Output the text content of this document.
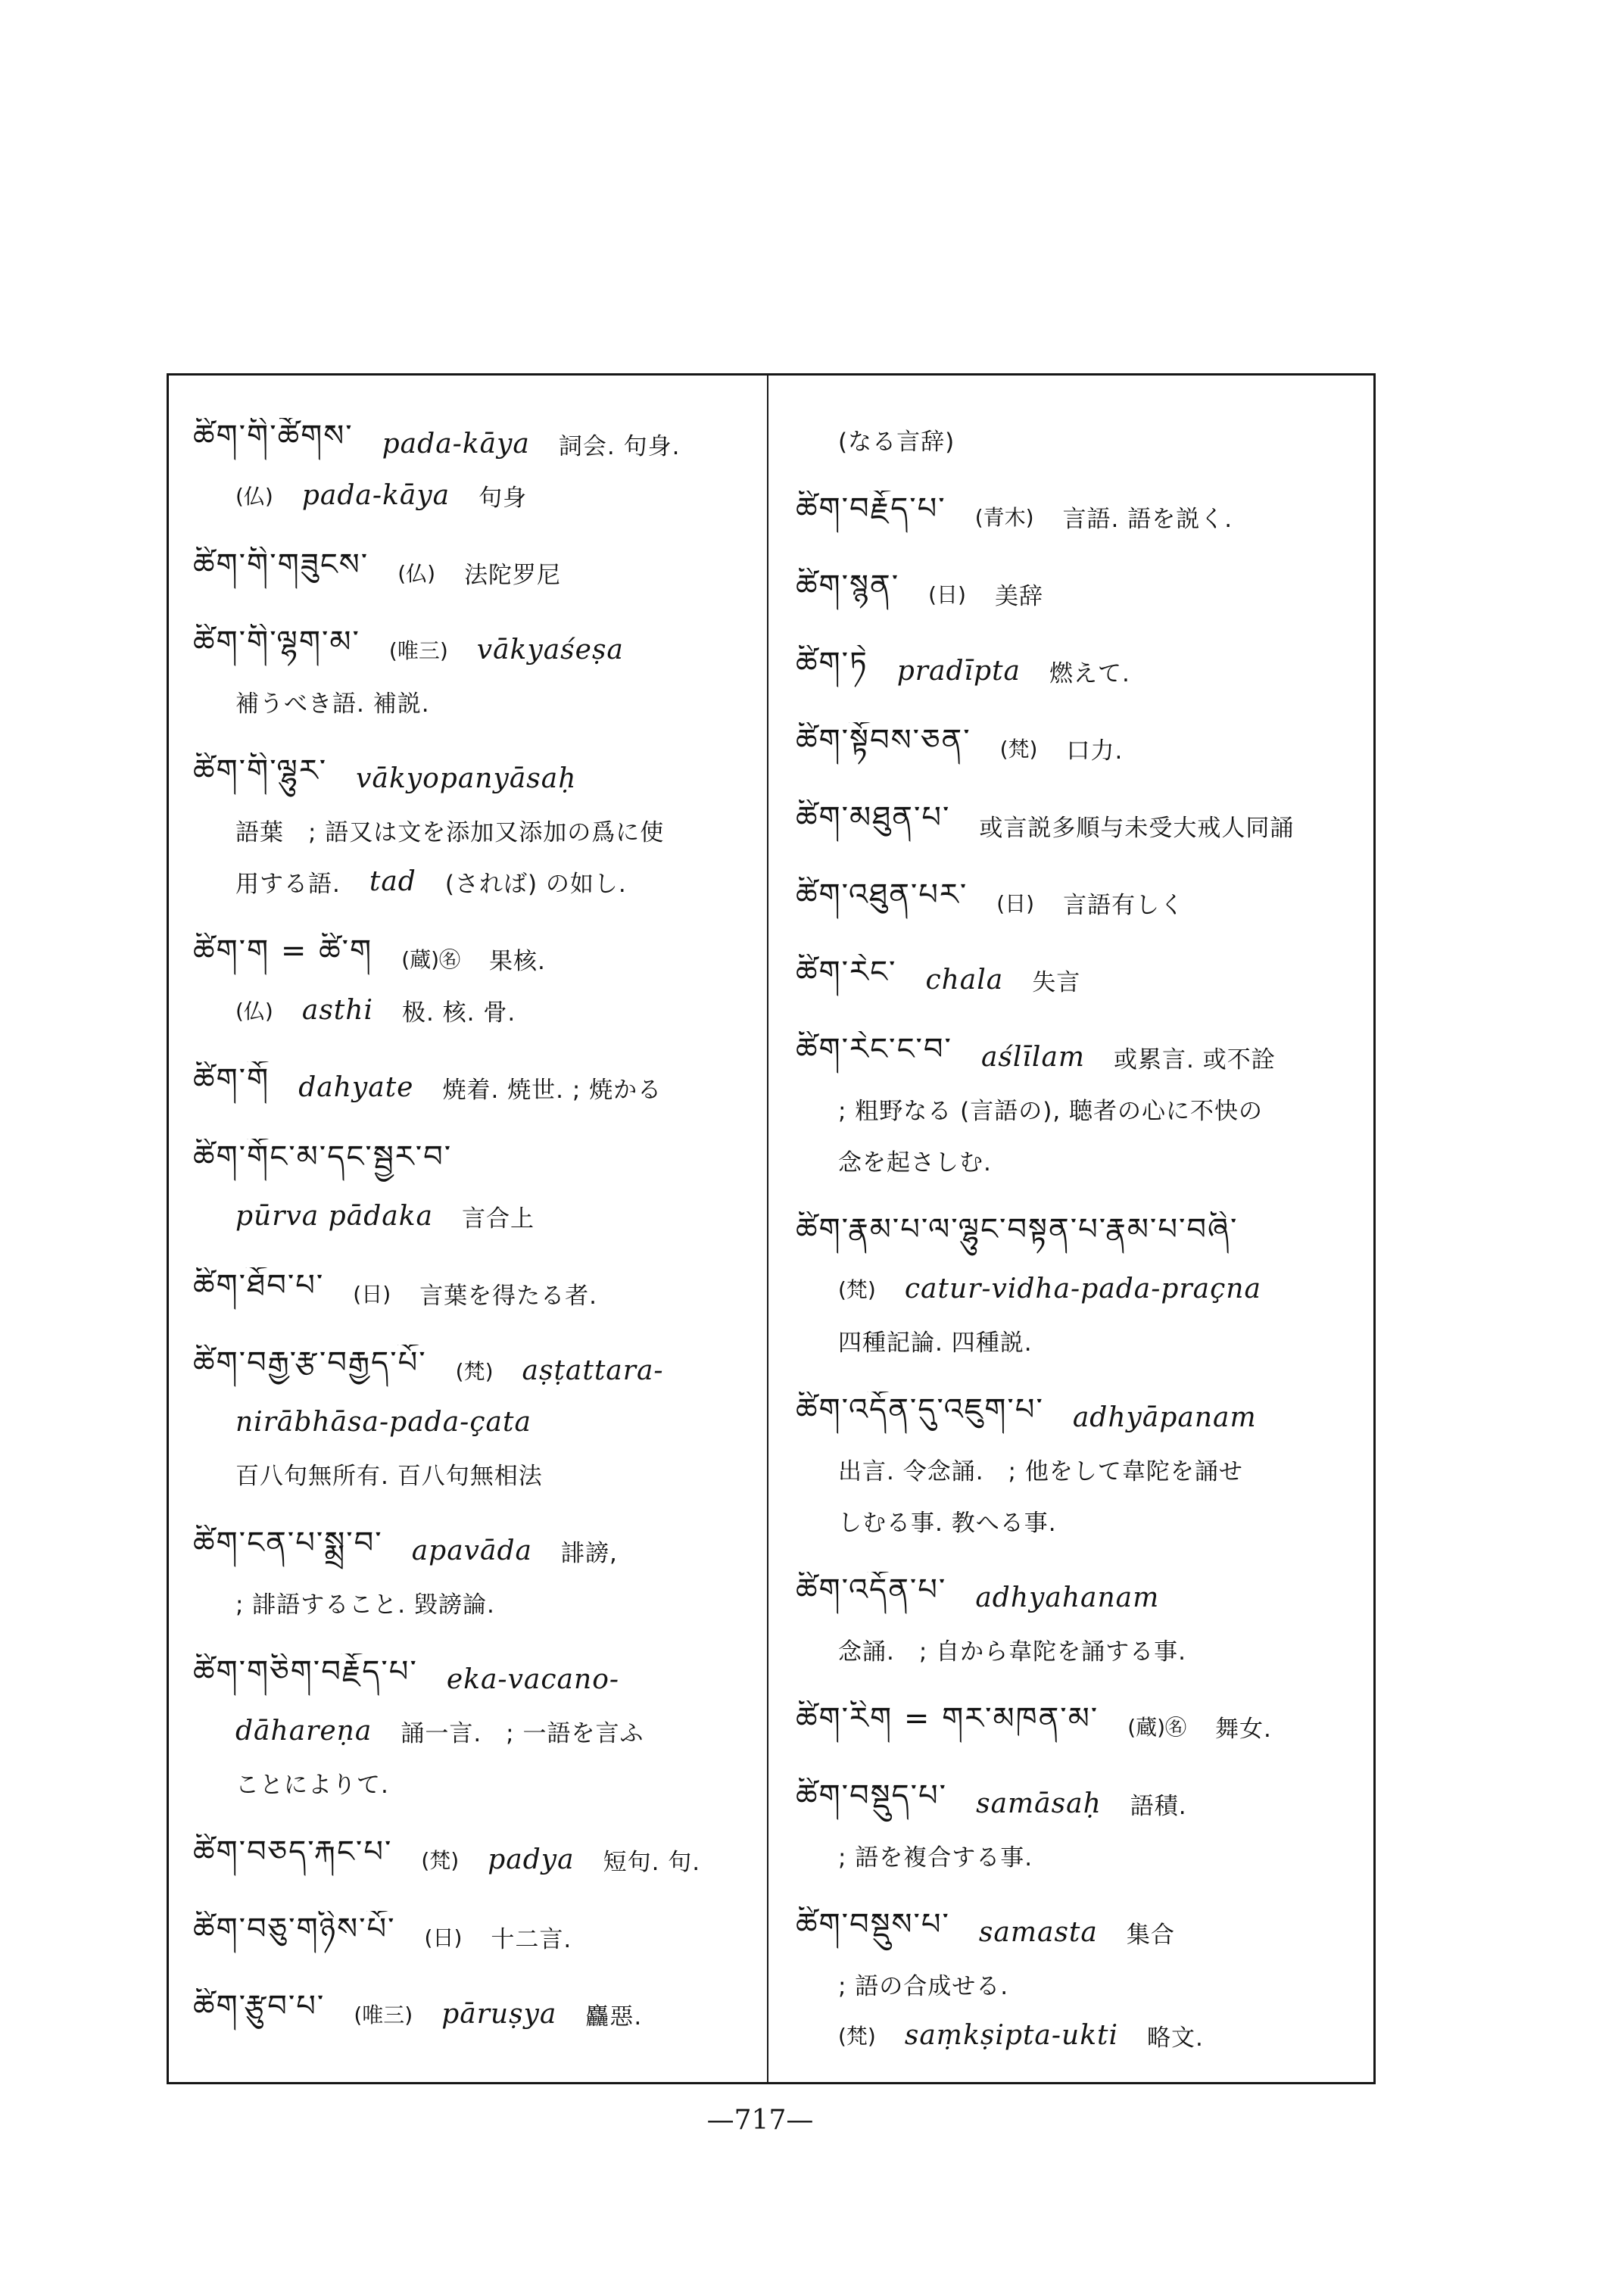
ཚིག་གི་ཚོགས་ pada-kāya 詞会. 句身.
(仏) pada-kāya 句身
ཚིག་གི་གཟུངས་ (仏) 法陀罗尼
ཚིག་གི་ལྷག་མ་ (唯三) vākyaśeṣa
補うべき語. 補説.
ཚིག་གི་ལྷུར་ vākyopanyāsaḥ
語葉　; 語又は文を添加又添加の爲に使
用する語. tad (されば) の如し.
ཚིག་ག = ཚི་ག (蔵)㊔ 果核.
(仏) asthi 极. 核. 骨.
ཚིག་གོ dahyate 焼着. 焼世. ; 焼かる
ཚིག་གོང་མ་དང་སྦྱར་བ་
pūrva pādaka 言合上
ཚིག་ཐོབ་པ་ (日) 言葉を得たる者.
ཚིག་བརྒྱ་རྩ་བརྒྱད་པོ་ (梵) aṣṭattara-
nirābhāsa-pada-çata
百八句無所有. 百八句無相法
ཚིག་ངན་པ་སྨྲ་བ་ apavāda 誹謗,
; 誹語すること. 毀謗論.
ཚིག་གཅིག་བརྗོད་པ་ eka-vacano-
dāhareṇa 誦一言.　; 一語を言ふ
ことによりて.
ཚིག་བཅད་རྐང་པ་ (梵) padya 短句. 句.
ཚིག་བཅུ་གཉིས་པོ་ (日) 十二言.
ཚིག་རྩུབ་པ་ (唯三) pāruṣya 麤惡.
(なる言辞)
ཚིག་བརྗོད་པ་ (青木) 言語. 語を説く.
ཚིག་སྙན་ (日) 美辞
ཚིག་ཏེ pradīpta 燃えて.
ཚིག་སྟོབས་ཅན་ (梵) 口力.
ཚིག་མཐུན་པ་ 或言説多順与未受大戒人同誦
ཚིག་འཐུན་པར་ (日) 言語有しく
ཚིག་རེང་ chala 失言
ཚིག་རེང་ང་བ་ aślīlam 或累言. 或不詮
; 粗野なる (言語の), 聴者の心に不快の
念を起さしむ.
ཚིག་རྣམ་པ་ལ་ལྷུང་བསྟན་པ་རྣམ་པ་བཞི་
(梵) catur-vidha-pada-praçna
四種記論. 四種説.
ཚིག་འདོན་དུ་འཇུག་པ་ adhyāpanam
出言. 令念誦.　; 他をして韋陀を誦せ
しむる事. 教へる事.
ཚིག་འདོན་པ་ adhyahanam
念誦.　; 自から韋陀を誦する事.
ཚིག་རིག = གར་མཁན་མ་ (蔵)㊔ 舞女.
ཚིག་བསྡུད་པ་ samāsaḥ 語積.
; 語を複合する事.
ཚིག་བསྡུས་པ་ samasta 集合
; 語の合成せる.
(梵) saṃkṣipta-ukti 略文.
—717—
